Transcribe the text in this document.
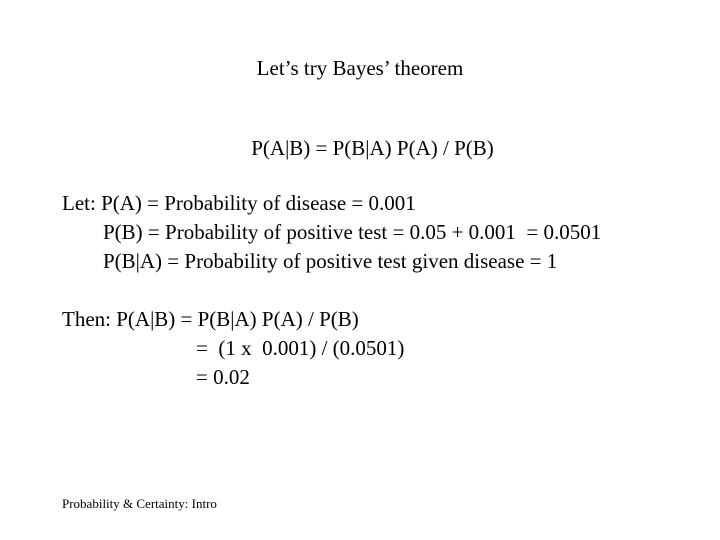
Let’s try Bayes’ theorem
P(A|B) = P(B|A) P(A) / P(B)
Let: P(A) = Probability of disease = 0.001
P(B) = Probability of positive test = 0.05 + 0.001  = 0.0501
P(B|A) = Probability of positive test given disease = 1
Then: P(A|B) = P(B|A) P(A) / P(B)
=  (1 x  0.001) / (0.0501)
= 0.02
Probability & Certainty: Intro
